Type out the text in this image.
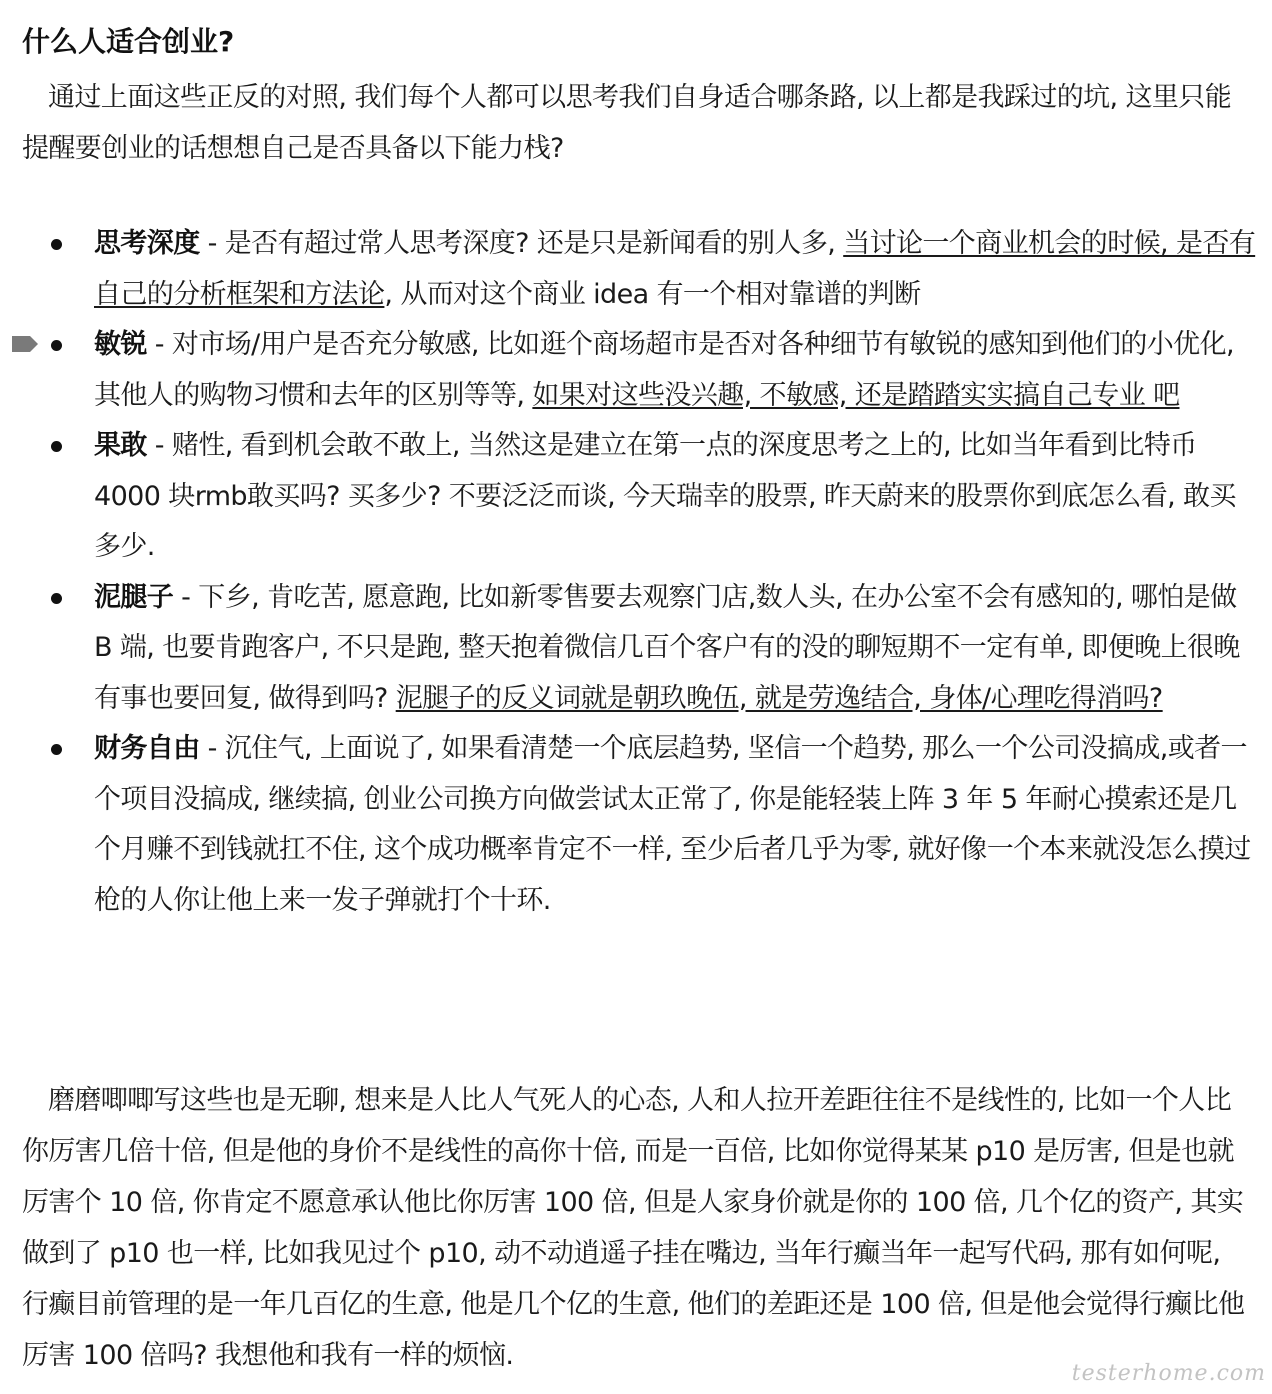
什么人适合创业?

通过上面这些正反的对照, 我们每个人都可以思考我们自身适合哪条路, 以上都是我踩过的坑, 这里只能提醒要创业的话想想自己是否具备以下能力栈?

思考深度 - 是否有超过常人思考深度? 还是只是新闻看的别人多, 当讨论一个商业机会的时候, 是否有自己的分析框架和方法论, 从而对这个商业 idea 有一个相对靠谱的判断
敏锐 - 对市场/用户是否充分敏感, 比如逛个商场超市是否对各种细节有敏锐的感知到他们的小优化, 其他人的购物习惯和去年的区别等等, 如果对这些没兴趣, 不敏感, 还是踏踏实实搞自己专业 吧
果敢 - 赌性, 看到机会敢不敢上, 当然这是建立在第一点的深度思考之上的, 比如当年看到比特币4000 块rmb敢买吗? 买多少? 不要泛泛而谈, 今天瑞幸的股票, 昨天蔚来的股票你到底怎么看, 敢买多少.
泥腿子 - 下乡, 肯吃苦, 愿意跑, 比如新零售要去观察门店,数人头, 在办公室不会有感知的, 哪怕是做 B 端, 也要肯跑客户, 不只是跑, 整天抱着微信几百个客户有的没的聊短期不一定有单, 即便晚上很晚有事也要回复, 做得到吗? 泥腿子的反义词就是朝玖晚伍, 就是劳逸结合, 身体/心理吃得消吗?
财务自由 - 沉住气, 上面说了, 如果看清楚一个底层趋势, 坚信一个趋势, 那么一个公司没搞成,或者一个项目没搞成, 继续搞, 创业公司换方向做尝试太正常了, 你是能轻装上阵 3 年 5 年耐心摸索还是几个月赚不到钱就扛不住, 这个成功概率肯定不一样, 至少后者几乎为零, 就好像一个本来就没怎么摸过枪的人你让他上来一发子弹就打个十环.

磨磨唧唧写这些也是无聊, 想来是人比人气死人的心态, 人和人拉开差距往往不是线性的, 比如一个人比你厉害几倍十倍, 但是他的身价不是线性的高你十倍, 而是一百倍, 比如你觉得某某 p10 是厉害, 但是也就厉害个 10 倍, 你肯定不愿意承认他比你厉害 100 倍, 但是人家身价就是你的 100 倍, 几个亿的资产, 其实做到了 p10 也一样, 比如我见过个 p10, 动不动逍遥子挂在嘴边, 当年行癫当年一起写代码, 那有如何呢, 行癫目前管理的是一年几百亿的生意, 他是几个亿的生意, 他们的差距还是 100 倍, 但是他会觉得行癫比他厉害 100 倍吗? 我想他和我有一样的烦恼.

testerhome.com
